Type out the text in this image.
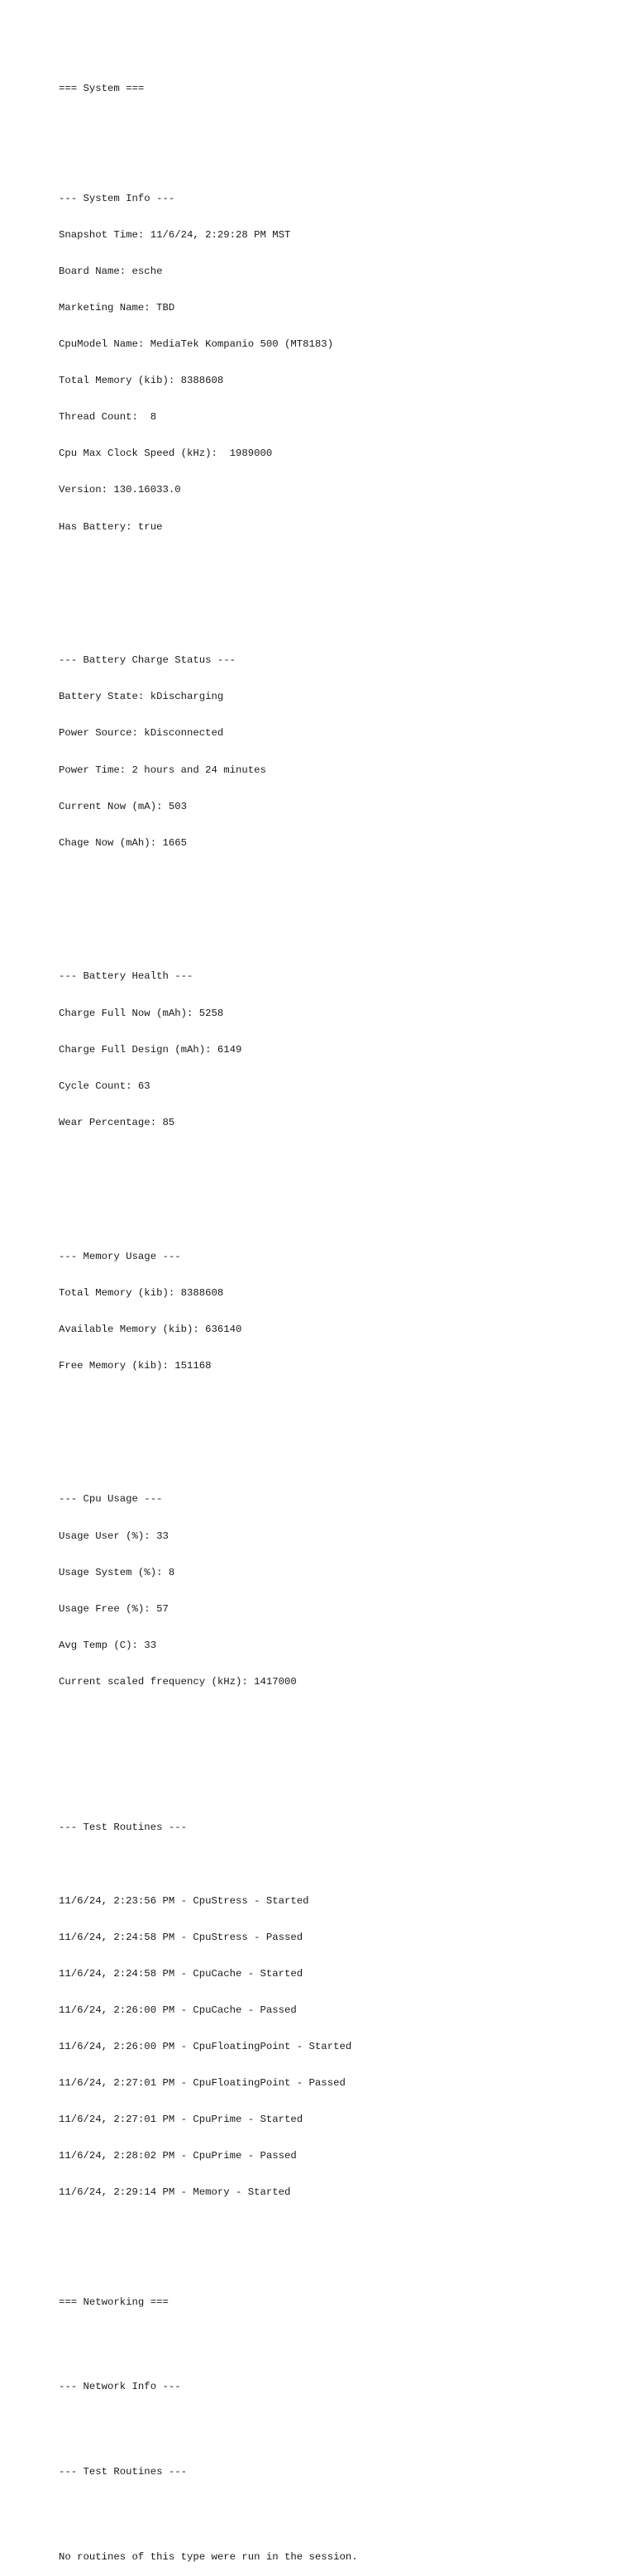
=== System ===

--- System Info ---

Snapshot Time: 11/6/24, 2:29:28 PM MST

Board Name: esche

Marketing Name: TBD

CpuModel Name: MediaTek Kompanio 500 (MT8183)

Total Memory (kib): 8388608

Thread Count:  8

Cpu Max Clock Speed (kHz):  1989000

Version: 130.16033.0

Has Battery: true

--- Battery Charge Status ---

Battery State: kDischarging

Power Source: kDisconnected

Power Time: 2 hours and 24 minutes

Current Now (mA): 503

Chage Now (mAh): 1665

--- Battery Health ---

Charge Full Now (mAh): 5258

Charge Full Design (mAh): 6149

Cycle Count: 63

Wear Percentage: 85

--- Memory Usage ---

Total Memory (kib): 8388608

Available Memory (kib): 636140

Free Memory (kib): 151168

--- Cpu Usage ---

Usage User (%): 33

Usage System (%): 8

Usage Free (%): 57

Avg Temp (C): 33

Current scaled frequency (kHz): 1417000

--- Test Routines ---

11/6/24, 2:23:56 PM - CpuStress - Started

11/6/24, 2:24:58 PM - CpuStress - Passed

11/6/24, 2:24:58 PM - CpuCache - Started

11/6/24, 2:26:00 PM - CpuCache - Passed

11/6/24, 2:26:00 PM - CpuFloatingPoint - Started

11/6/24, 2:27:01 PM - CpuFloatingPoint - Passed

11/6/24, 2:27:01 PM - CpuPrime - Started

11/6/24, 2:28:02 PM - CpuPrime - Passed

11/6/24, 2:29:14 PM - Memory - Started

=== Networking ===

--- Network Info ---

--- Test Routines ---

No routines of this type were run in the session.
